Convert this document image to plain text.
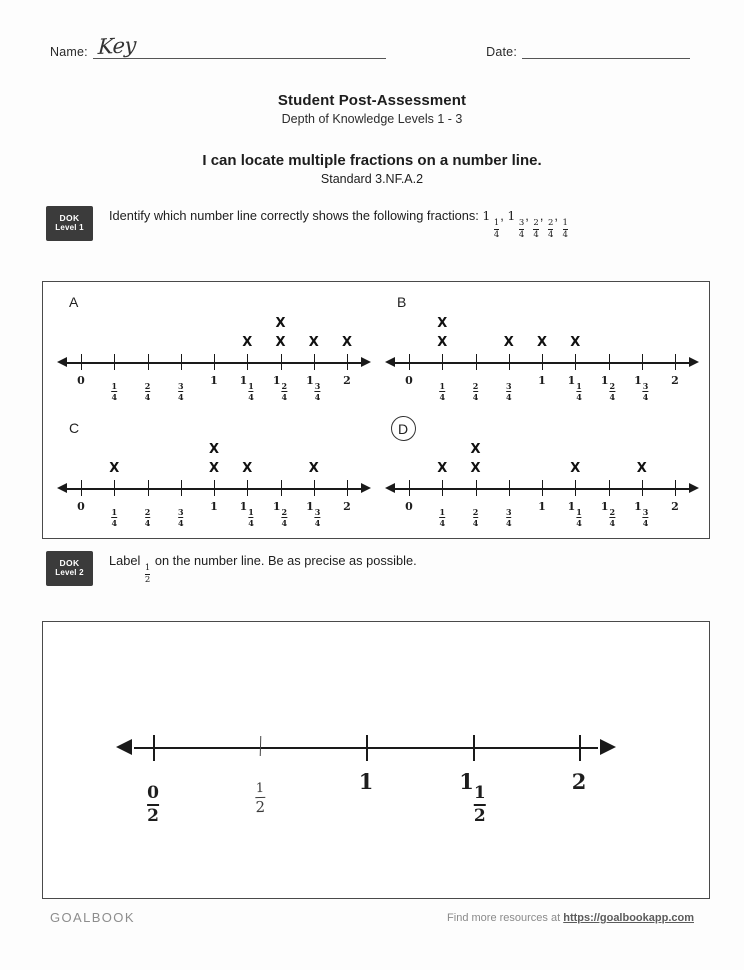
Name: Key	Date:
Student Post-Assessment
Depth of Knowledge Levels 1 - 3
I can locate multiple fractions on a number line.
Standard 3.NF.A.2
DOK
Level 1
Identify which number line correctly shows the following fractions: 1 
$\frac{1}{4}$
, 1 
$\frac{3}{4}$
,
$\frac{2}{4}$
,
$\frac{2}{4}$
,
$\frac{1}{4}$
A
0
$\frac{1}{4}$	$\frac{2}{4}$	$\frac{3}{4}$
1 1
$\frac{1}{4}$
1
$\frac{2}{4}$
1
$\frac{3}{4}$
2
X X
X
X X
B
0
$\frac{1}{4}$	$\frac{2}{4}$	$\frac{3}{4}$
1 1
$\frac{1}{4}$
1
$\frac{2}{4}$
1
$\frac{3}{4}$
2
X
X
X X X
C
0
$\frac{1}{4}$	$\frac{2}{4}$	$\frac{3}{4}$
1 1
$\frac{1}{4}$
1
$\frac{2}{4}$
1
$\frac{3}{4}$
2
X	X
X
X	X
D
0
$\frac{1}{4}$	$\frac{2}{4}$	$\frac{3}{4}$
1 1
$\frac{1}{4}$
1
$\frac{2}{4}$
1
$\frac{3}{4}$
2
X X
X
X	X
DOK
Level 2
Label
$\frac{1}{2}$
on the number line. Be as precise as possible.
$\frac{0}{2}$	$\frac{1}{2}$
1	1
$\frac{1}{2}$
2
GOALBOOK	Find more resources at https://goalbookapp.com
